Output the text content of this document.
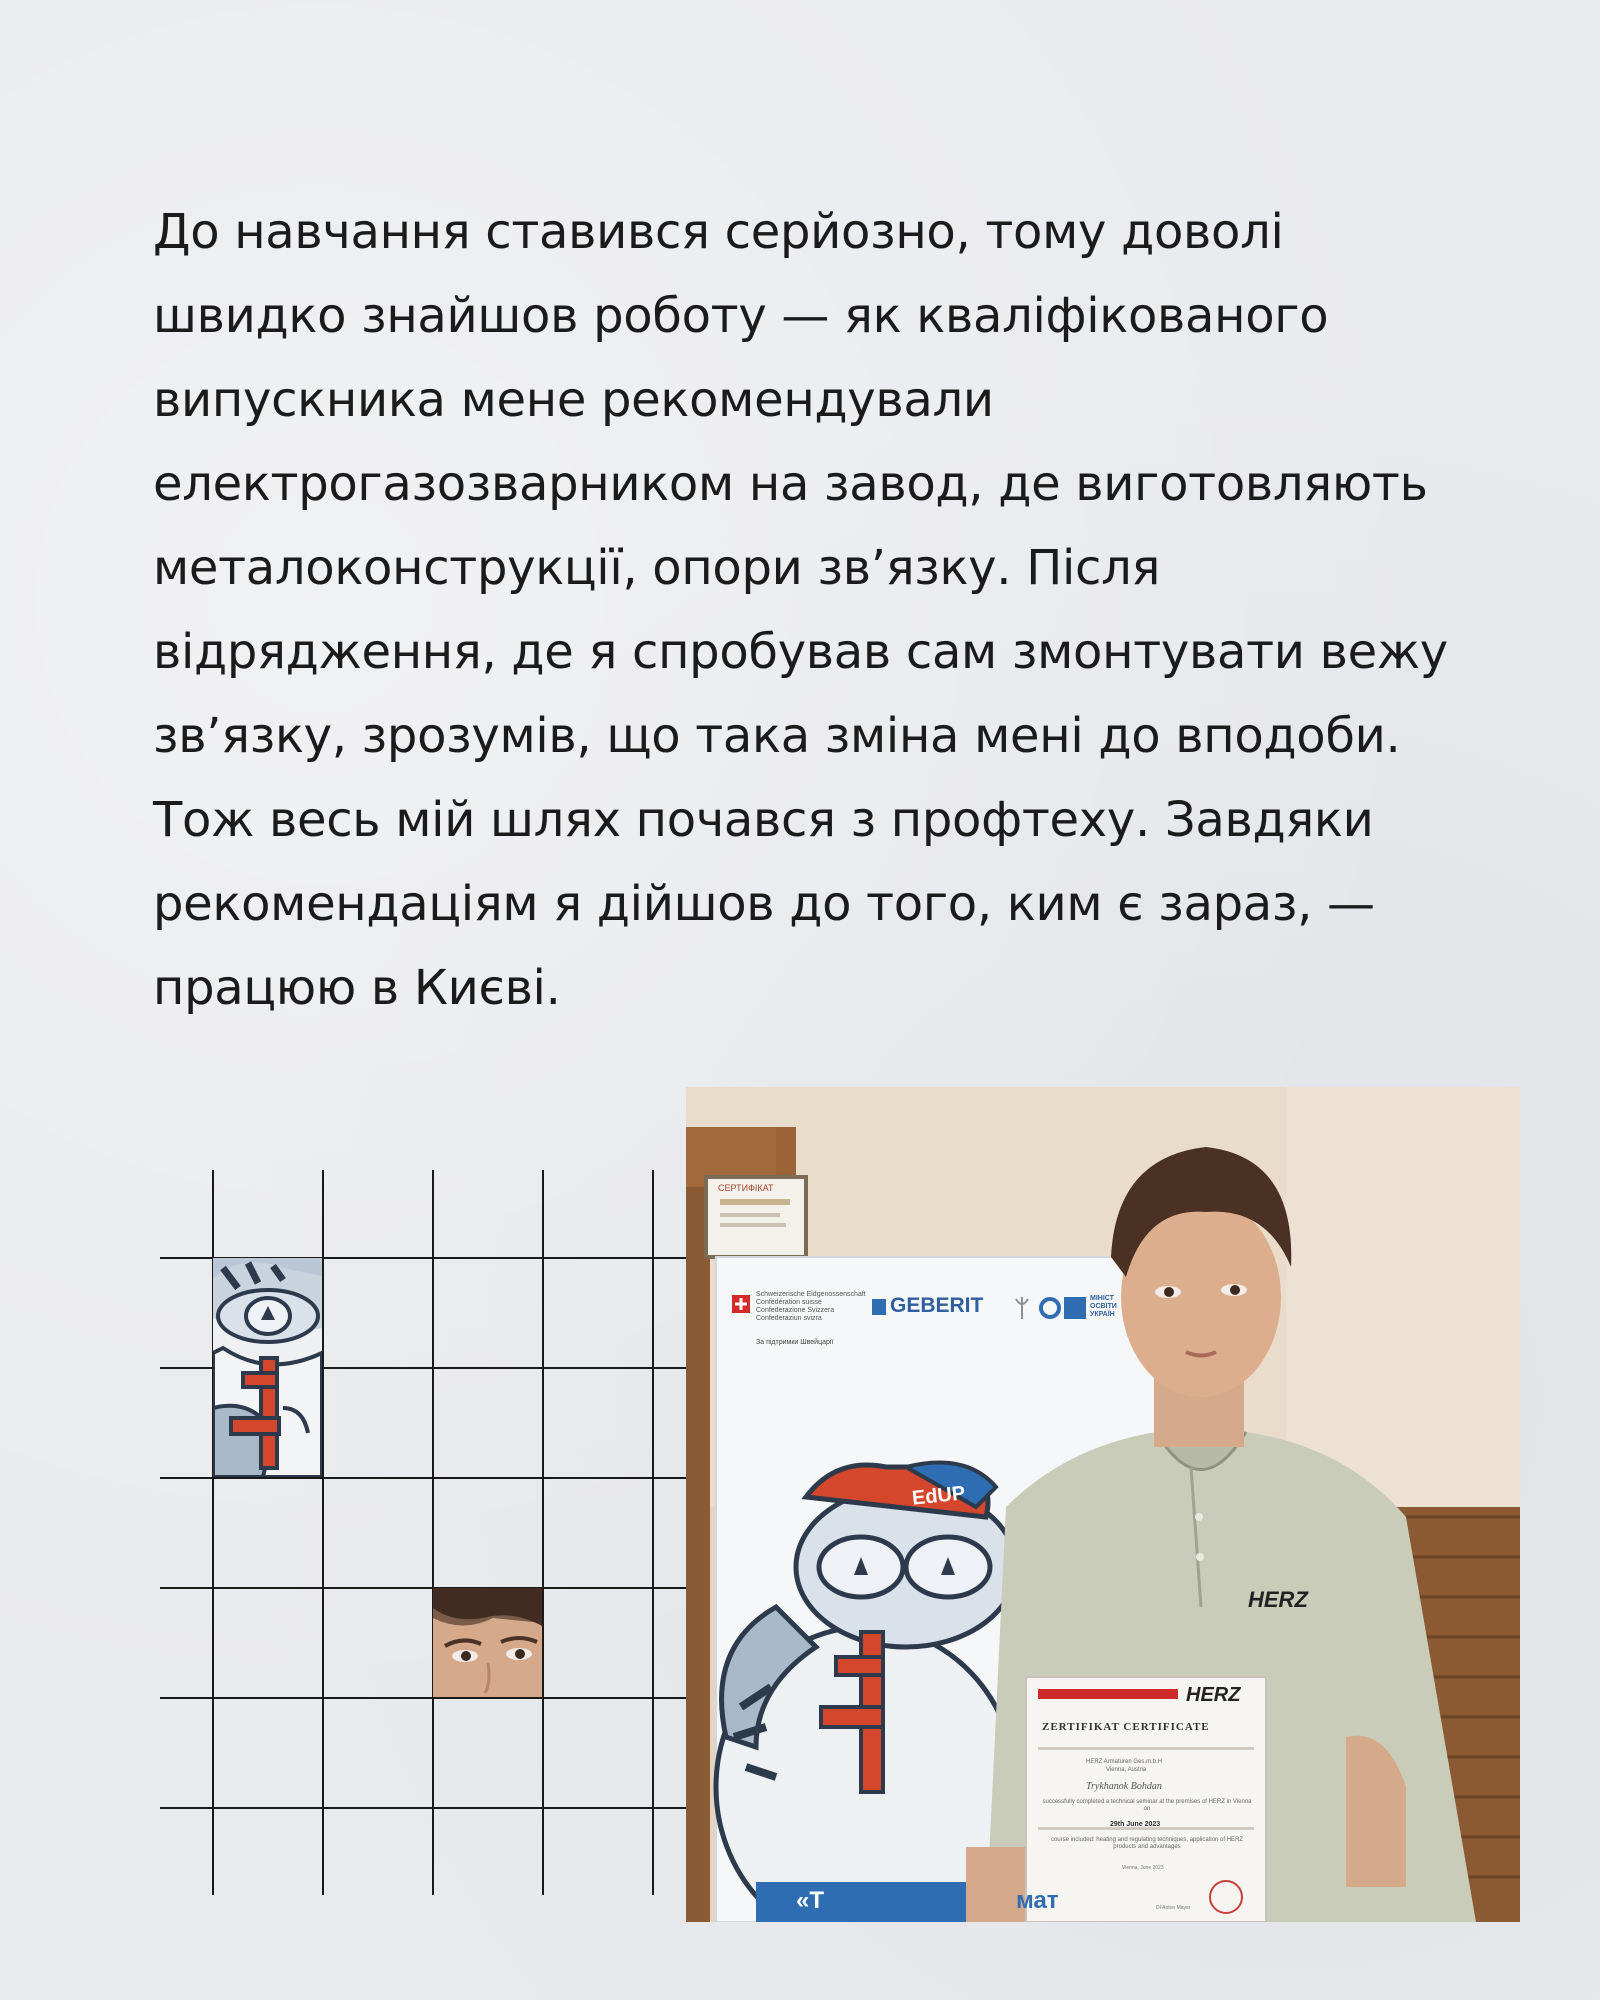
До навчання ставився серйозно, тому доволі
швидко знайшов роботу — як кваліфікованого
випускника мене рекомендували
електрогазозварником на завод, де виготовляють
металоконструкції, опори зв’язку. Після
відрядження, де я спробував сам змонтувати вежу
зв’язку, зрозумів, що така зміна мені до вподоби.
Тож весь мій шлях почався з профтеху. Завдяки
рекомендаціям я дійшов до того, ким є зараз, —
працюю в Києві.

СЕРТИФІКАТ
Schweizerische Eidgenossenschaft
Confédération suisse
Confederazione Svizzera
Confederaziun svizra
За підтримки Швейцарії
GEBERIT	МІНІСТ
ОСВІТИ
УКРАЇН
EdUP
«Т	мат
HERZ
HERZ
ZERTIFIKAT CERTIFICATE
HERZ Armaturen Ges.m.b.H
Vienna, Austria
Trykhanok Bohdan
successfully completed a technical seminar at the premises of HERZ in Vienna on
29th June 2023
course included: heating and regulating techniques, application of HERZ products and advantages
Vienna, June 2023
DI Anton Mayer
